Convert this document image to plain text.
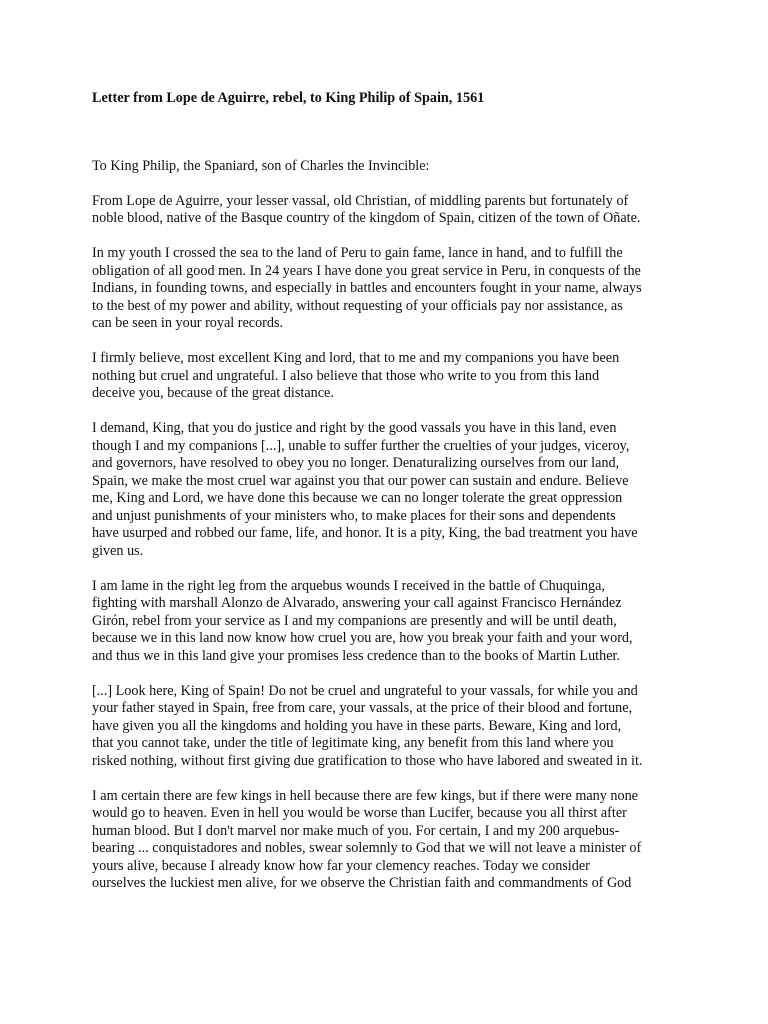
Letter from Lope de Aguirre, rebel, to King Philip of Spain, 1561
To King Philip, the Spaniard, son of Charles the Invincible:
From Lope de Aguirre, your lesser vassal, old Christian, of middling parents but fortunately of
noble blood, native of the Basque country of the kingdom of Spain, citizen of the town of Oñate.
In my youth I crossed the sea to the land of Peru to gain fame, lance in hand, and to fulfill the
obligation of all good men. In 24 years I have done you great service in Peru, in conquests of the
Indians, in founding towns, and especially in battles and encounters fought in your name, always
to the best of my power and ability, without requesting of your officials pay nor assistance, as
can be seen in your royal records.
I firmly believe, most excellent King and lord, that to me and my companions you have been
nothing but cruel and ungrateful. I also believe that those who write to you from this land
deceive you, because of the great distance.
I demand, King, that you do justice and right by the good vassals you have in this land, even
though I and my companions [...], unable to suffer further the cruelties of your judges, viceroy,
and governors, have resolved to obey you no longer. Denaturalizing ourselves from our land,
Spain, we make the most cruel war against you that our power can sustain and endure. Believe
me, King and Lord, we have done this because we can no longer tolerate the great oppression
and unjust punishments of your ministers who, to make places for their sons and dependents
have usurped and robbed our fame, life, and honor. It is a pity, King, the bad treatment you have
given us.
I am lame in the right leg from the arquebus wounds I received in the battle of Chuquinga,
fighting with marshall Alonzo de Alvarado, answering your call against Francisco Hernández
Girón, rebel from your service as I and my companions are presently and will be until death,
because we in this land now know how cruel you are, how you break your faith and your word,
and thus we in this land give your promises less credence than to the books of Martin Luther.
[...] Look here, King of Spain! Do not be cruel and ungrateful to your vassals, for while you and
your father stayed in Spain, free from care, your vassals, at the price of their blood and fortune,
have given you all the kingdoms and holding you have in these parts. Beware, King and lord,
that you cannot take, under the title of legitimate king, any benefit from this land where you
risked nothing, without first giving due gratification to those who have labored and sweated in it.
I am certain there are few kings in hell because there are few kings, but if there were many none
would go to heaven. Even in hell you would be worse than Lucifer, because you all thirst after
human blood. But I don't marvel nor make much of you. For certain, I and my 200 arquebus-
bearing ... conquistadores and nobles, swear solemnly to God that we will not leave a minister of
yours alive, because I already know how far your clemency reaches. Today we consider
ourselves the luckiest men alive, for we observe the Christian faith and commandments of God
